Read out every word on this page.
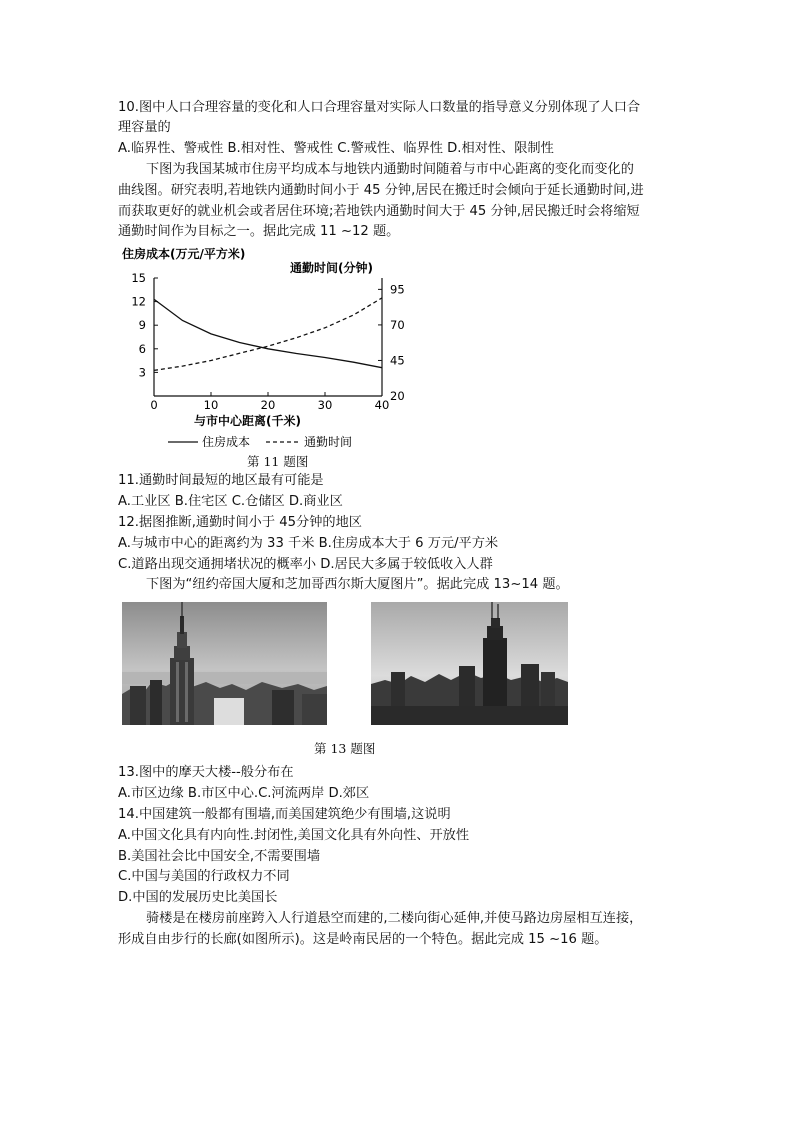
10.图中人口合理容量的变化和人口合理容量对实际人口数量的指导意义分别体现了人口合
理容量的
A.临界性、警戒性 B.相对性、警戒性 C.警戒性、临界性 D.相对性、限制性
下图为我国某城市住房平均成本与地铁内通勤时间随着与市中心距离的变化而变化的
曲线图。研究表明,若地铁内通勤时间小于 45 分钟,居民在搬迁时会倾向于延长通勤时间,进
而获取更好的就业机会或者居住环境;若地铁内通勤时间大于 45 分钟,居民搬迁时会将缩短
通勤时间作为目标之一。据此完成 11 ~12 题。
住房成本(万元/平方米)
通勤时间(分钟)
0	10	20	30	40
3
6
9
12
15
20
45
70
95
与市中心距离(千米)
住房成本	通勤时间
第 11 题图
11.通勤时间最短的地区最有可能是
A.工业区 B.住宅区 C.仓储区 D.商业区
12.据图推断,通勤时间小于 45分钟的地区
A.与城市中心的距离约为 33 千米 B.住房成本大于 6 万元/平方米
C.道路出现交通拥堵状况的概率小 D.居民大多属于较低收入人群
下图为“纽约帝国大厦和芝加哥西尔斯大厦图片”。据此完成 13~14 题。
第 13 题图
13.图中的摩天大楼--般分布在
A.市区边缘 B.市区中心.C.河流两岸 D.郊区
14.中国建筑一般都有围墙,而美国建筑绝少有围墙,这说明
A.中国文化具有内向性.封闭性,美国文化具有外向性、开放性
B.美国社会比中国安全,不需要围墙
C.中国与美国的行政权力不同
D.中国的发展历史比美国长
骑楼是在楼房前座跨入人行道悬空而建的,二楼向街心延伸,并使马路边房屋相互连接，
形成自由步行的长廊(如图所示)。这是岭南民居的一个特色。据此完成 15 ~16 题。
